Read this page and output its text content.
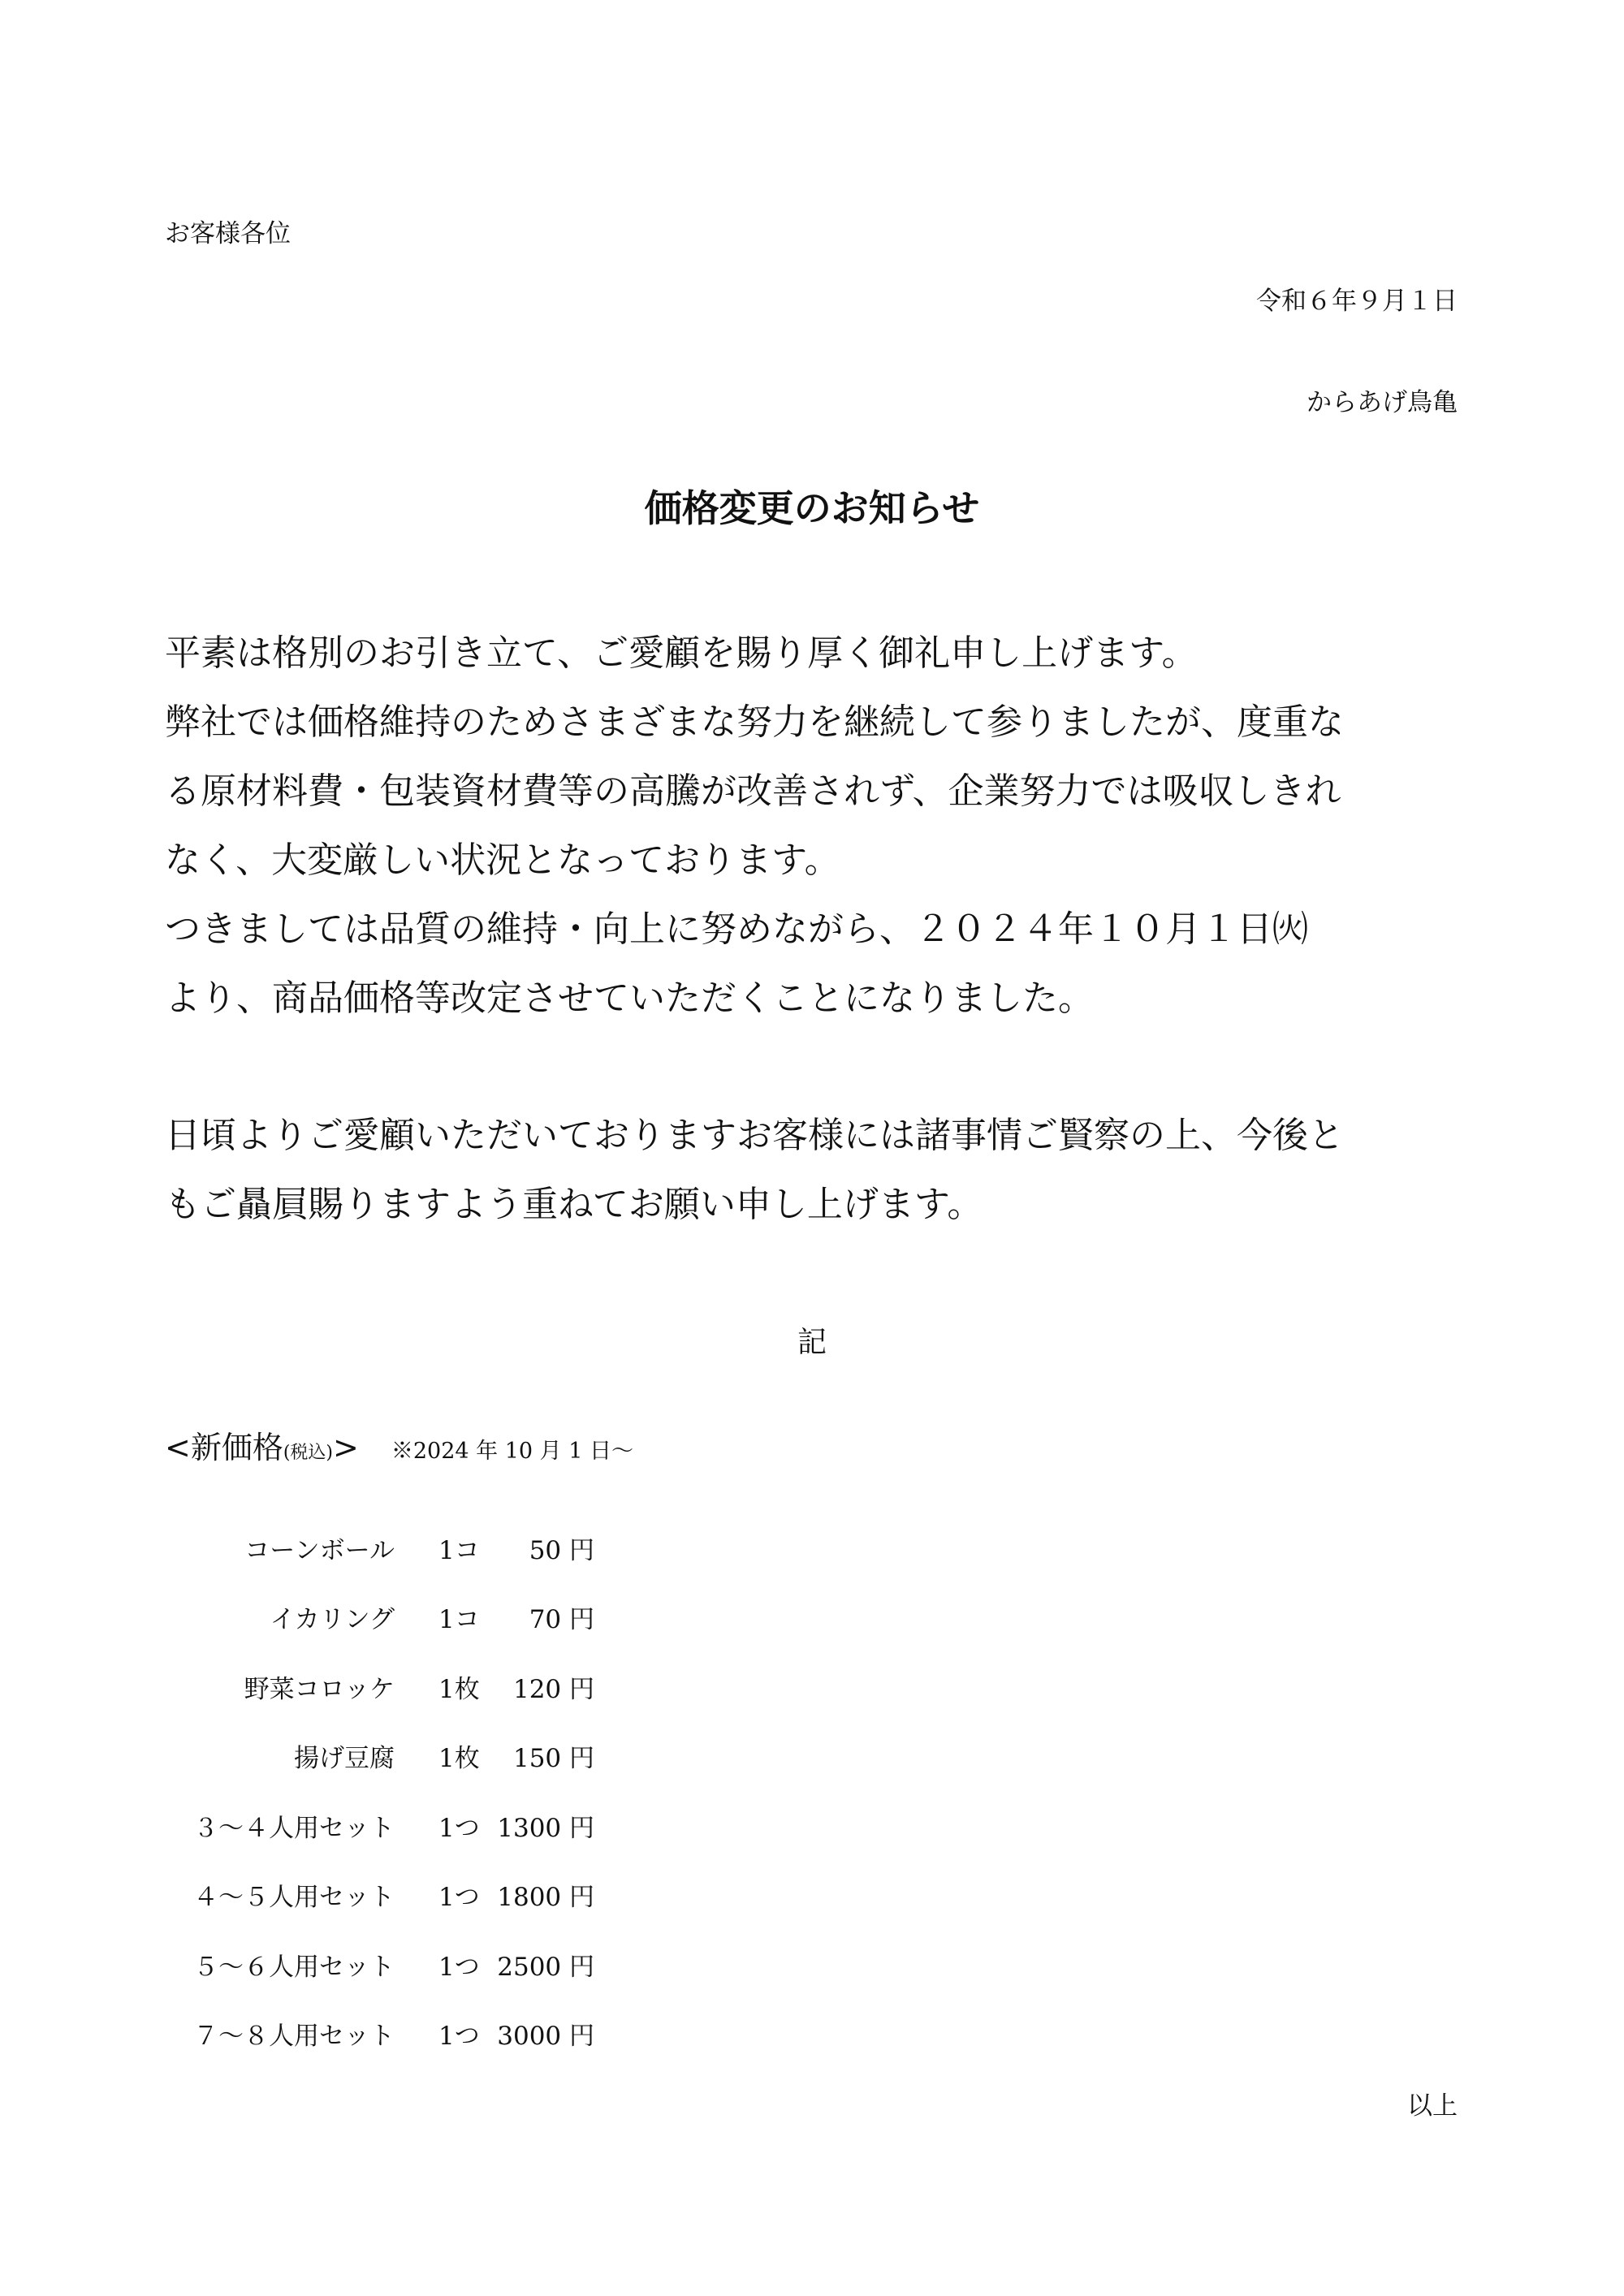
お客様各位
令和６年９月１日
からあげ鳥亀
価格変更のお知らせ
平素は格別のお引き立て、ご愛顧を賜り厚く御礼申し上げます。
弊社では価格維持のためさまざまな努力を継続して参りましたが、度重な
る原材料費・包装資材費等の高騰が改善されず、企業努力では吸収しきれ
なく、大変厳しい状況となっております。
つきましては品質の維持・向上に努めながら、２０２４年１０月１日㈫
より、商品価格等改定させていただくことになりました。
日頃よりご愛顧いただいておりますお客様には諸事情ご賢察の上、今後と
もご贔屓賜りますよう重ねてお願い申し上げます。
記
<新価格(税込)> ※2024 年 10 月 1 日～
コーンボール 1コ	50 円
イカリング 1コ	70 円
野菜コロッケ 1枚	120 円
揚げ豆腐 1枚	150 円
３～４人用セット 1つ 1300 円
４～５人用セット 1つ 1800 円
５～６人用セット 1つ 2500 円
７～８人用セット 1つ 3000 円
以上
